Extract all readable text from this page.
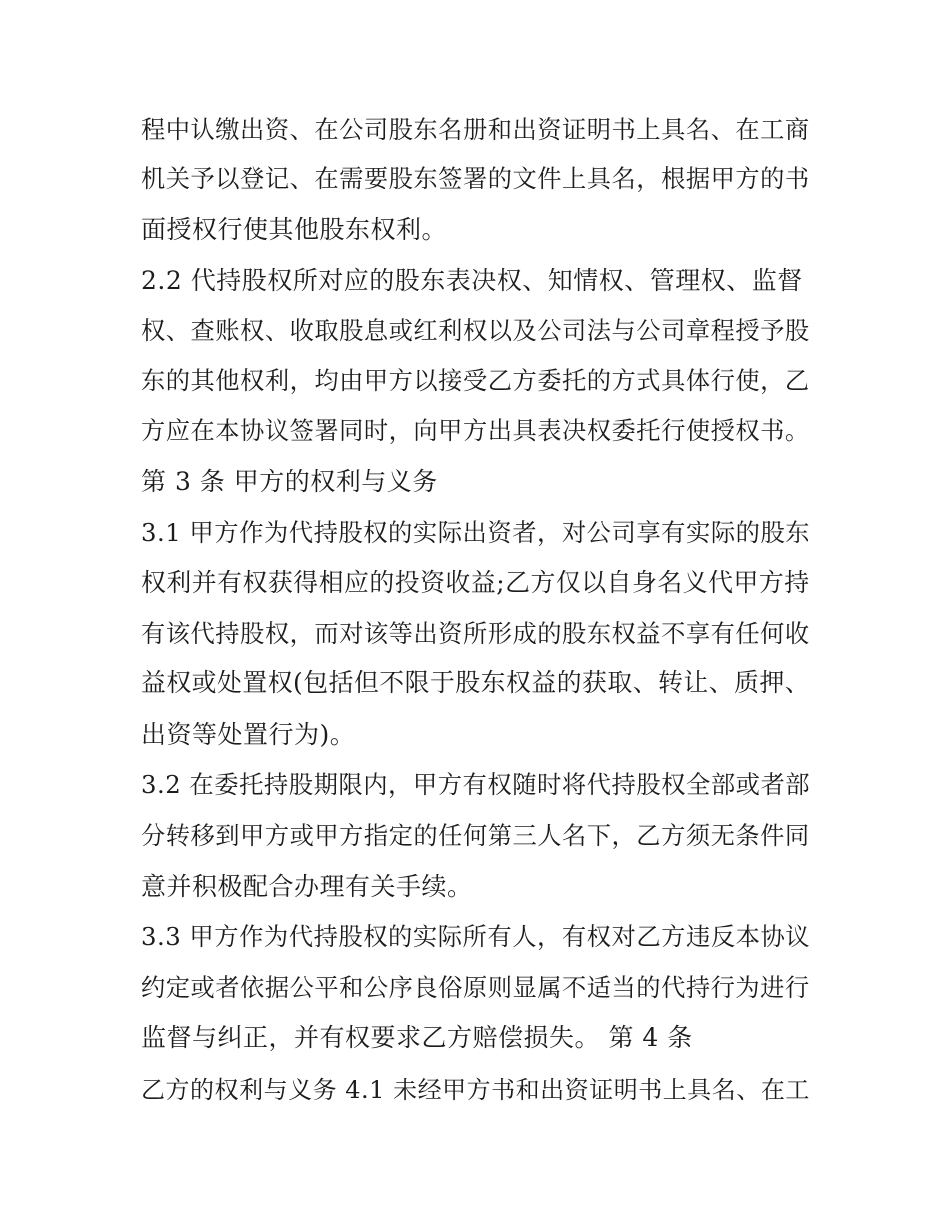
程中认缴出资、在公司股东名册和出资证明书上具名、在工商
机关予以登记、在需要股东签署的文件上具名，根据甲方的书
面授权行使其他股东权利。
2.2 代持股权所对应的股东表决权、知情权、管理权、监督
权、查账权、收取股息或红利权以及公司法与公司章程授予股
东的其他权利，均由甲方以接受乙方委托的方式具体行使，乙
方应在本协议签署同时，向甲方出具表决权委托行使授权书。
第 3 条 甲方的权利与义务
3.1 甲方作为代持股权的实际出资者，对公司享有实际的股东
权利并有权获得相应的投资收益;乙方仅以自身名义代甲方持
有该代持股权，而对该等出资所形成的股东权益不享有任何收
益权或处置权(包括但不限于股东权益的获取、转让、质押、
出资等处置行为)。
3.2 在委托持股期限内，甲方有权随时将代持股权全部或者部
分转移到甲方或甲方指定的任何第三人名下，乙方须无条件同
意并积极配合办理有关手续。
3.3 甲方作为代持股权的实际所有人，有权对乙方违反本协议
约定或者依据公平和公序良俗原则显属不适当的代持行为进行
监督与纠正，并有权要求乙方赔偿损失。 第 4 条
乙方的权利与义务 4.1 未经甲方书和出资证明书上具名、在工
